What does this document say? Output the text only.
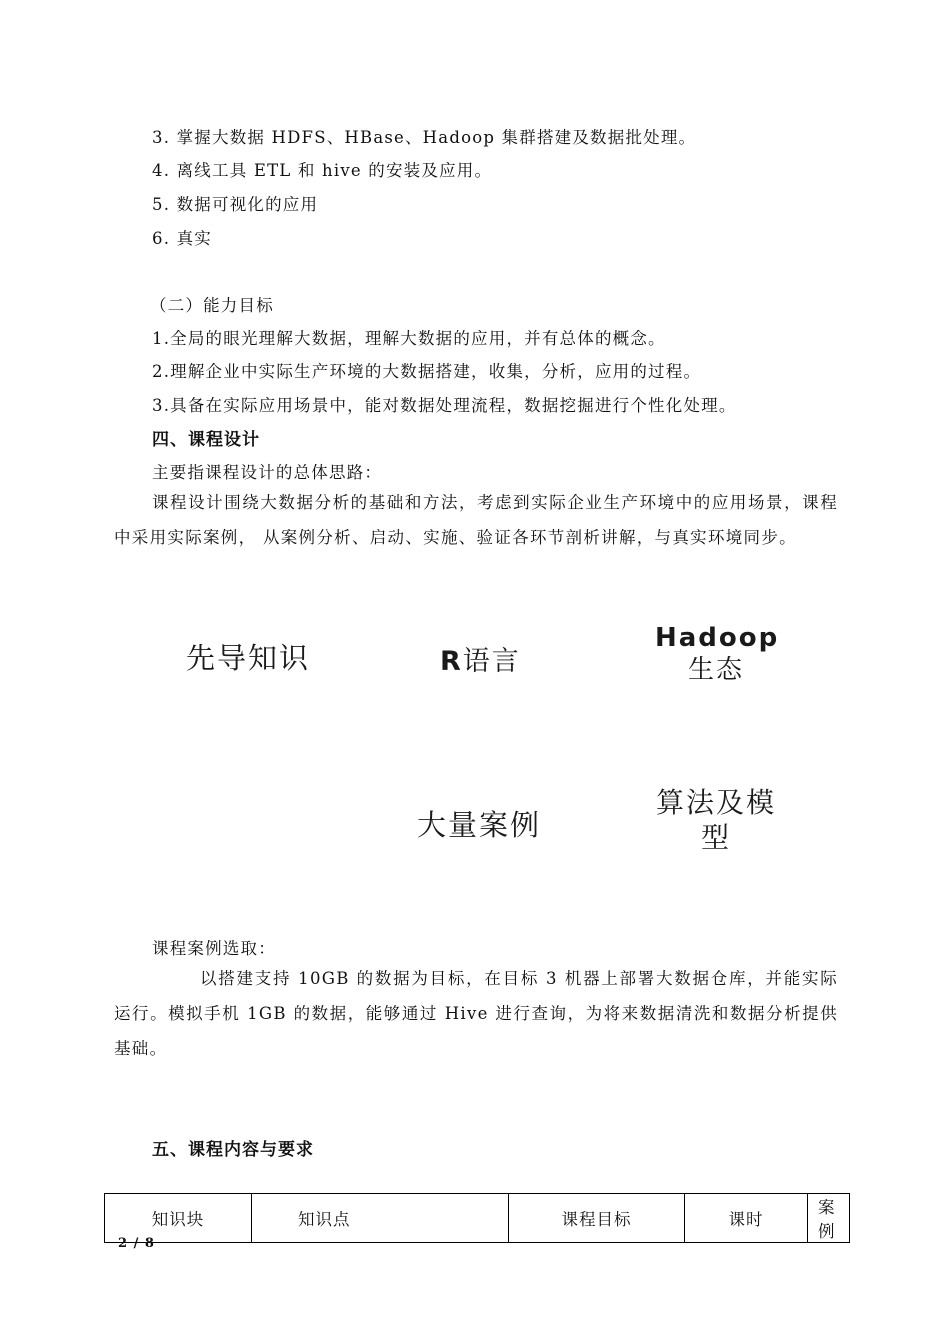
3. 掌握大数据 HDFS、HBase、Hadoop 集群搭建及数据批处理。
4. 离线工具 ETL 和 hive 的安装及应用。
5. 数据可视化的应用
6. 真实
（二）能力目标
1.全局的眼光理解大数据，理解大数据的应用，并有总体的概念。
2.理解企业中实际生产环境的大数据搭建，收集，分析，应用的过程。
3.具备在实际应用场景中，能对数据处理流程，数据挖掘进行个性化处理。
四、课程设计
主要指课程设计的总体思路：
课程设计围绕大数据分析的基础和方法，考虑到实际企业生产环境中的应用场景，课程中采用实际案例， 从案例分析、启动、实施、验证各环节剖析讲解，与真实环境同步。
先导知识	R语言
Hadoop
生态
大量案例
算法及模
型
课程案例选取：
以搭建支持 10GB 的数据为目标，在目标 3 机器上部署大数据仓库，并能实际运行。模拟手机 1GB 的数据，能够通过 Hive 进行查询，为将来数据清洗和数据分析提供基础。
五、课程内容与要求
知识块	知识点	课程目标	课时	案例
2 / 8
